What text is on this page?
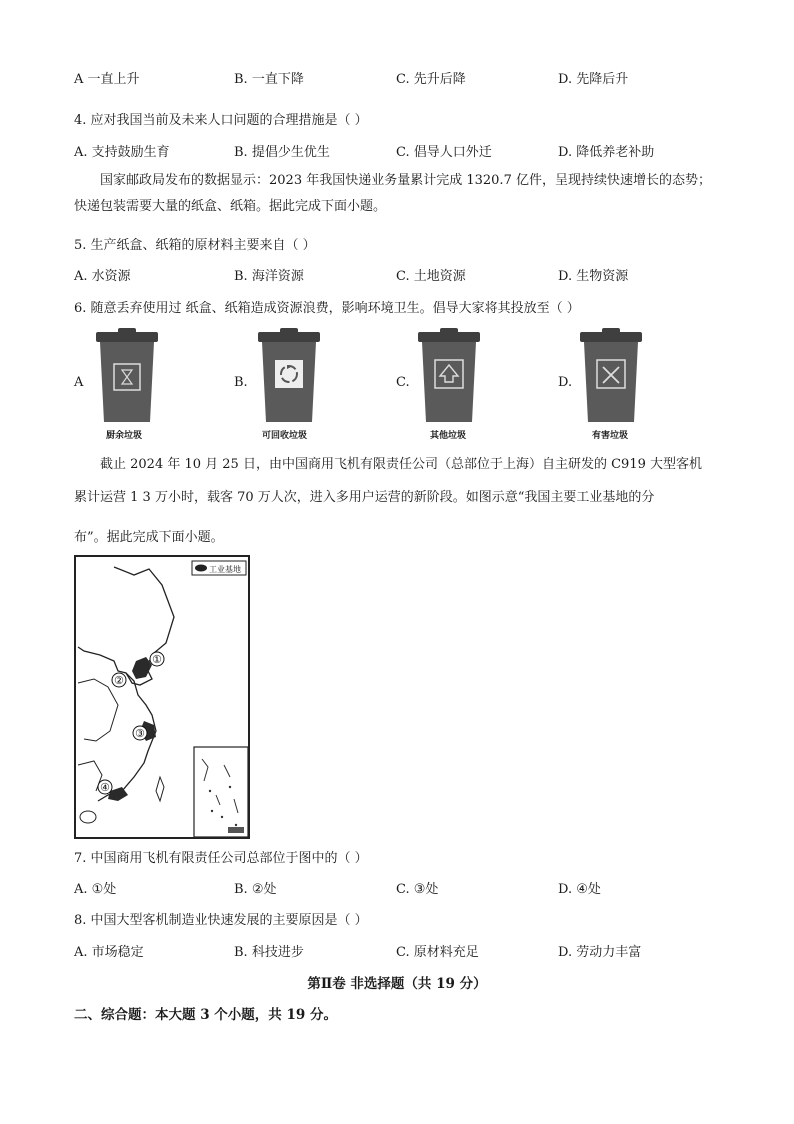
A 一直上升	B. 一直下降	C. 先升后降	D. 先降后升
4. 应对我国当前及未来人口问题的合理措施是（ ）
A. 支持鼓励生育	B. 提倡少生优生	C. 倡导人口外迁	D. 降低养老补助
国家邮政局发布的数据显示：2023 年我国快递业务量累计完成 1320.7 亿件，呈现持续快速增长的态势；快递包装需要大量的纸盒、纸箱。据此完成下面小题。
5. 生产纸盒、纸箱的原材料主要来自（ ）
A. 水资源	B. 海洋资源	C. 土地资源	D. 生物资源
6. 随意丢弃使用过 纸盒、纸箱造成资源浪费，影响环境卫生。倡导大家将其投放至（ ）
A
厨余垃圾
B.
可回收垃圾
C.
其他垃圾
D.
有害垃圾
截止 2024 年 10 月 25 日，由中国商用飞机有限责任公司（总部位于上海）自主研发的 C919 大型客机
累计运营 1 3 万小时，载客 70 万人次，进入多用户运营的新阶段。如图示意“我国主要工业基地的分
布”。据此完成下面小题。
工业基地
①
②
③
④
7. 中国商用飞机有限责任公司总部位于图中的（ ）
A. ①处	B. ②处	C. ③处	D. ④处
8. 中国大型客机制造业快速发展的主要原因是（ ）
A. 市场稳定	B. 科技进步	C. 原材料充足	D. 劳动力丰富
第Ⅱ卷 非选择题（共 19 分）
二、综合题：本大题 3 个小题，共 19 分。
